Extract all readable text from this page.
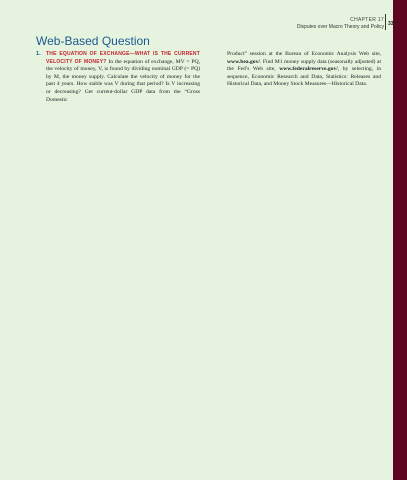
CHAPTER 17
Disputes over Macro Theory and Policy 337
Web-Based Question
1. THE EQUATION OF EXCHANGE—WHAT IS THE CURRENT VELOCITY OF MONEY? In the equation of exchange, MV = PQ, the velocity of money, V, is found by dividing nominal GDP (= PQ) by M, the money supply. Calculate the velocity of money for the past 4 years. How stable was V during that period? Is V increasing or decreasing? Get current-dollar GDP data from the “Gross Domestic
Product” session at the Bureau of Economic Analysis Web site, www.bea.gov/. Find M1 money supply data (seasonally adjusted) at the Fed’s Web site, www.federalreserve.gov/, by selecting, in sequence, Economic Research and Data, Statistics: Releases and Historical Data, and Money Stock Measures—Historical Data.
